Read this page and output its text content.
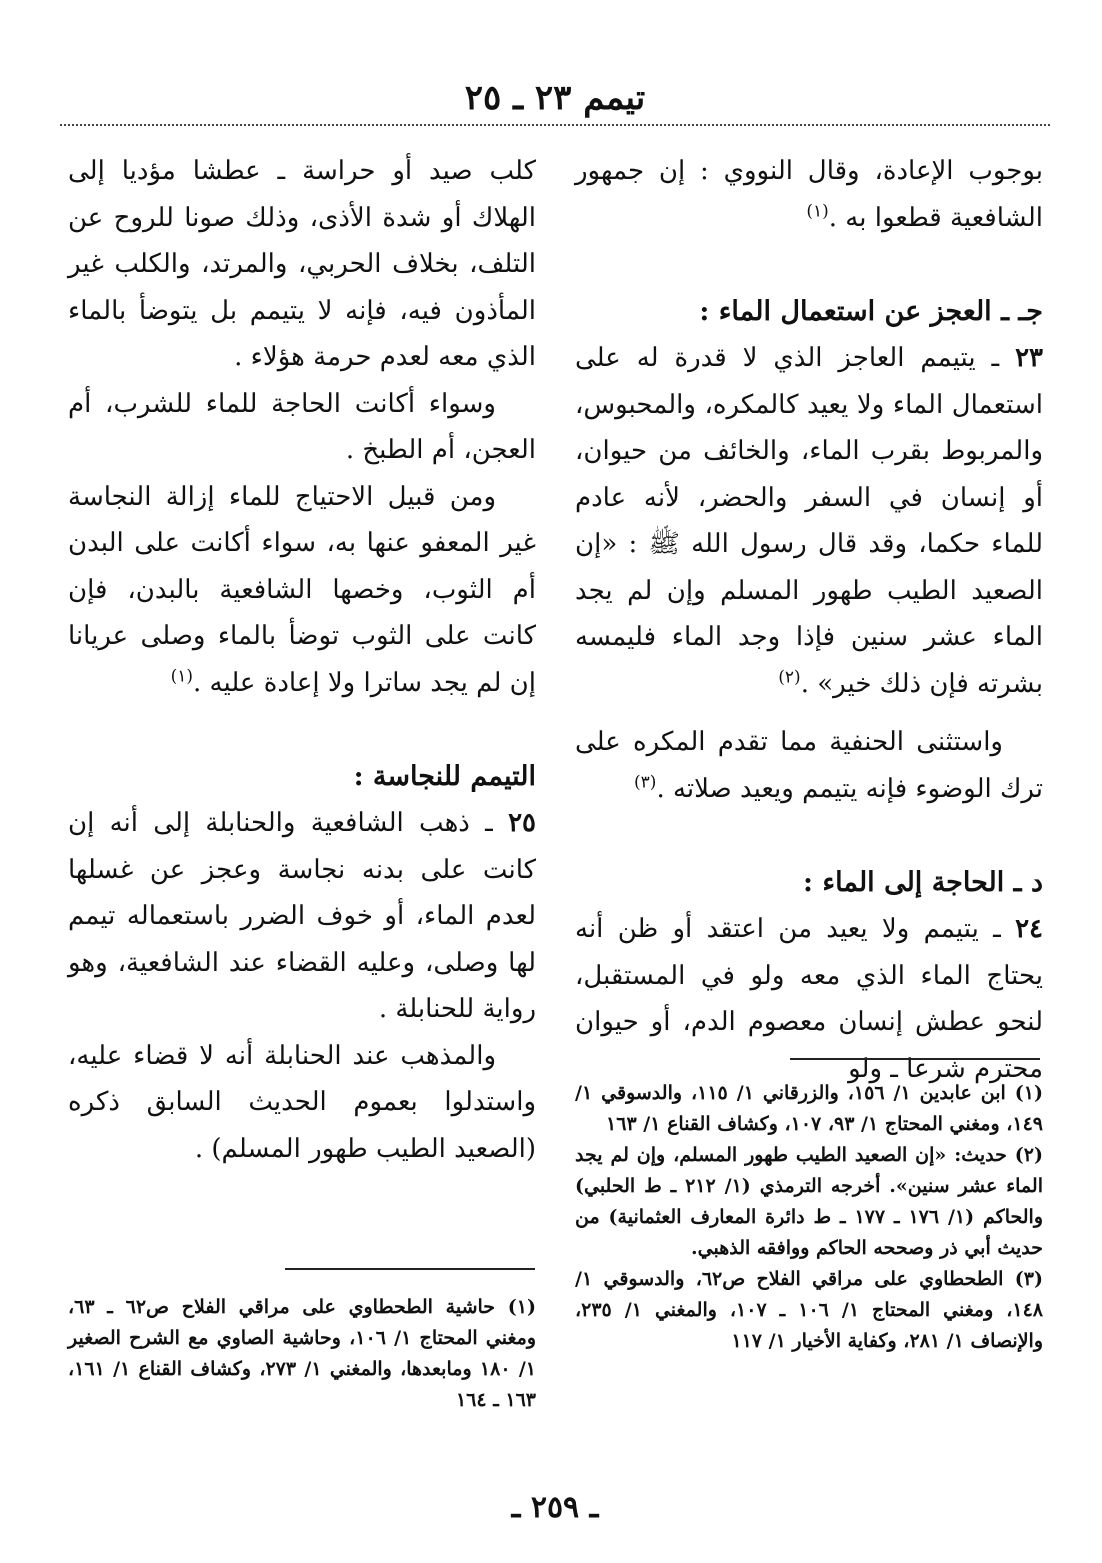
تيمم ٢٣ ـ ٢٥

بوجوب الإعادة، وقال النووي : إن جمهور الشافعية قطعوا به .$^{(١)}$

جـ ـ العجز عن استعمال الماء :

٢٣ ـ يتيمم العاجز الذي لا قدرة له على استعمال الماء ولا يعيد كالمكره، والمحبوس، والمربوط بقرب الماء، والخائف من حيوان، أو إنسان في السفر والحضر، لأنه عادم للماء حكما، وقد قال رسول الله ﷺ : «إن الصعيد الطيب طهور المسلم وإن لم يجد الماء عشر سنين فإذا وجد الماء فليمسه بشرته فإن ذلك خير» .$^{(٢)}$

واستثنى الحنفية مما تقدم المكره على ترك الوضوء فإنه يتيمم ويعيد صلاته .$^{(٣)}$

د ـ الحاجة إلى الماء :

٢٤ ـ يتيمم ولا يعيد من اعتقد أو ظن أنه يحتاج الماء الذي معه ولو في المستقبل، لنحو عطش إنسان معصوم الدم، أو حيوان محترم شرعا ـ ولو

(١) ابن عابدين ١/ ١٥٦، والزرقاني ١/ ١١٥، والدسوقي ١/ ١٤٩، ومغني المحتاج ١/ ٩٣، ١٠٧، وكشاف القناع ١/ ١٦٣

(٢) حديث: «إن الصعيد الطيب طهور المسلم، وإن لم يجد الماء عشر سنين». أخرجه الترمذي (١/ ٢١٢ ـ ط الحلبي) والحاكم (١/ ١٧٦ ـ ١٧٧ ـ ط دائرة المعارف العثمانية) من حديث أبي ذر وصححه الحاكم ووافقه الذهبي.

(٣) الطحطاوي على مراقي الفلاح ص٦٢، والدسوقي ١/ ١٤٨، ومغني المحتاج ١/ ١٠٦ ـ ١٠٧، والمغني ١/ ٢٣٥، والإنصاف ١/ ٢٨١، وكفاية الأخيار ١/ ١١٧

كلب صيد أو حراسة ـ عطشا مؤديا إلى الهلاك أو شدة الأذى، وذلك صونا للروح عن التلف، بخلاف الحربي، والمرتد، والكلب غير المأذون فيه، فإنه لا يتيمم بل يتوضأ بالماء الذي معه لعدم حرمة هؤلاء .

وسواء أكانت الحاجة للماء للشرب، أم العجن، أم الطبخ .

ومن قبيل الاحتياج للماء إزالة النجاسة غير المعفو عنها به، سواء أكانت على البدن أم الثوب، وخصها الشافعية بالبدن، فإن كانت على الثوب توضأ بالماء وصلى عريانا إن لم يجد ساترا ولا إعادة عليه .$^{(١)}$

التيمم للنجاسة :

٢٥ ـ ذهب الشافعية والحنابلة إلى أنه إن كانت على بدنه نجاسة وعجز عن غسلها لعدم الماء، أو خوف الضرر باستعماله تيمم لها وصلى، وعليه القضاء عند الشافعية، وهو رواية للحنابلة .

والمذهب عند الحنابلة أنه لا قضاء عليه، واستدلوا بعموم الحديث السابق ذكره (الصعيد الطيب طهور المسلم) .

(١) حاشية الطحطاوي على مراقي الفلاح ص٦٢ ـ ٦٣، ومغني المحتاج ١/ ١٠٦، وحاشية الصاوي مع الشرح الصغير ١/ ١٨٠ ومابعدها، والمغني ١/ ٢٧٣، وكشاف القناع ١/ ١٦١، ١٦٣ ـ ١٦٤

ـ ٢٥٩ ـ
